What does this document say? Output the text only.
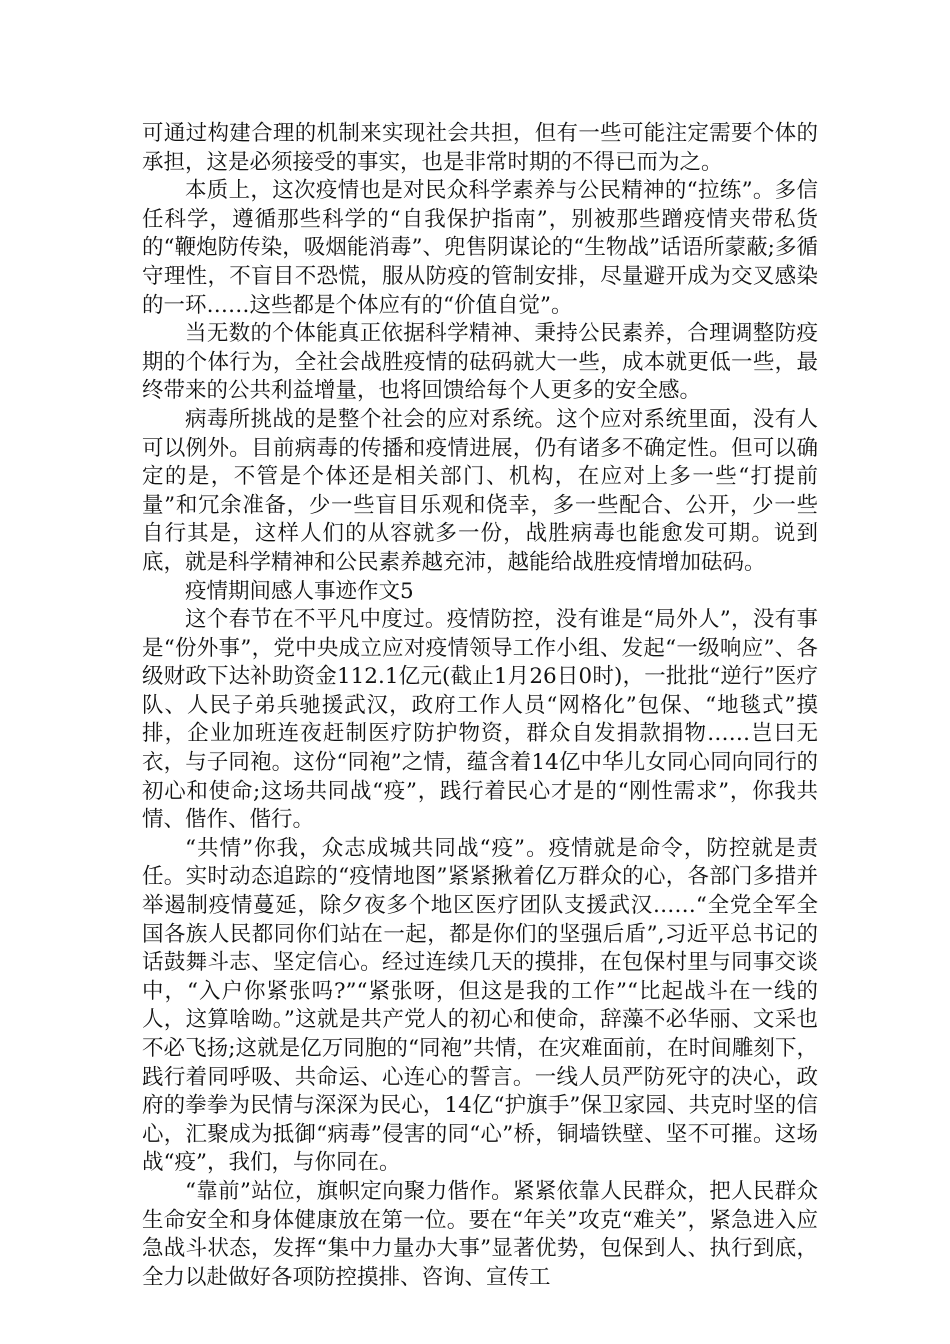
可通过构建合理的机制来实现社会共担，但有一些可能注定需要个体的承担，这是必须接受的事实，也是非常时期的不得已而为之。

本质上，这次疫情也是对民众科学素养与公民精神的“拉练”。多信任科学，遵循那些科学的“自我保护指南”，别被那些蹭疫情夹带私货的“鞭炮防传染，吸烟能消毒”、兜售阴谋论的“生物战”话语所蒙蔽;多循守理性，不盲目不恐慌，服从防疫的管制安排，尽量避开成为交叉感染的一环……这些都是个体应有的“价值自觉”。

当无数的个体能真正依据科学精神、秉持公民素养，合理调整防疫期的个体行为，全社会战胜疫情的砝码就大一些，成本就更低一些，最终带来的公共利益增量，也将回馈给每个人更多的安全感。

病毒所挑战的是整个社会的应对系统。这个应对系统里面，没有人可以例外。目前病毒的传播和疫情进展，仍有诸多不确定性。但可以确定的是，不管是个体还是相关部门、机构，在应对上多一些“打提前量”和冗余准备，少一些盲目乐观和侥幸，多一些配合、公开，少一些自行其是，这样人们的从容就多一份，战胜病毒也能愈发可期。说到底，就是科学精神和公民素养越充沛，越能给战胜疫情增加砝码。

疫情期间感人事迹作文5

这个春节在不平凡中度过。疫情防控，没有谁是“局外人”，没有事是“份外事”，党中央成立应对疫情领导工作小组、发起“一级响应”、各级财政下达补助资金112.1亿元(截止1月26日0时)，一批批“逆行”医疗队、人民子弟兵驰援武汉，政府工作人员“网格化”包保、“地毯式”摸排，企业加班连夜赶制医疗防护物资，群众自发捐款捐物……岂曰无衣，与子同袍。这份“同袍”之情，蕴含着14亿中华儿女同心同向同行的初心和使命;这场共同战“疫”，践行着民心才是的“刚性需求”，你我共情、偕作、偕行。

“共情”你我，众志成城共同战“疫”。疫情就是命令，防控就是责任。实时动态追踪的“疫情地图”紧紧揪着亿万群众的心，各部门多措并举遏制疫情蔓延，除夕夜多个地区医疗团队支援武汉……“全党全军全国各族人民都同你们站在一起，都是你们的坚强后盾”,习近平总书记的话鼓舞斗志、坚定信心。经过连续几天的摸排，在包保村里与同事交谈中，“入户你紧张吗?”“紧张呀，但这是我的工作”“比起战斗在一线的人，这算啥呦。”这就是共产党人的初心和使命，辞藻不必华丽、文采也不必飞扬;这就是亿万同胞的“同袍”共情，在灾难面前，在时间雕刻下，践行着同呼吸、共命运、心连心的誓言。一线人员严防死守的决心，政府的拳拳为民情与深深为民心，14亿“护旗手”保卫家园、共克时坚的信心，汇聚成为抵御“病毒”侵害的同“心”桥，铜墙铁壁、坚不可摧。这场战“疫”，我们，与你同在。

“靠前”站位，旗帜定向聚力偕作。紧紧依靠人民群众，把人民群众生命安全和身体健康放在第一位。要在“年关”攻克“难关”，紧急进入应急战斗状态，发挥“集中力量办大事”显著优势，包保到人、执行到底，全力以赴做好各项防控摸排、咨询、宣传工
